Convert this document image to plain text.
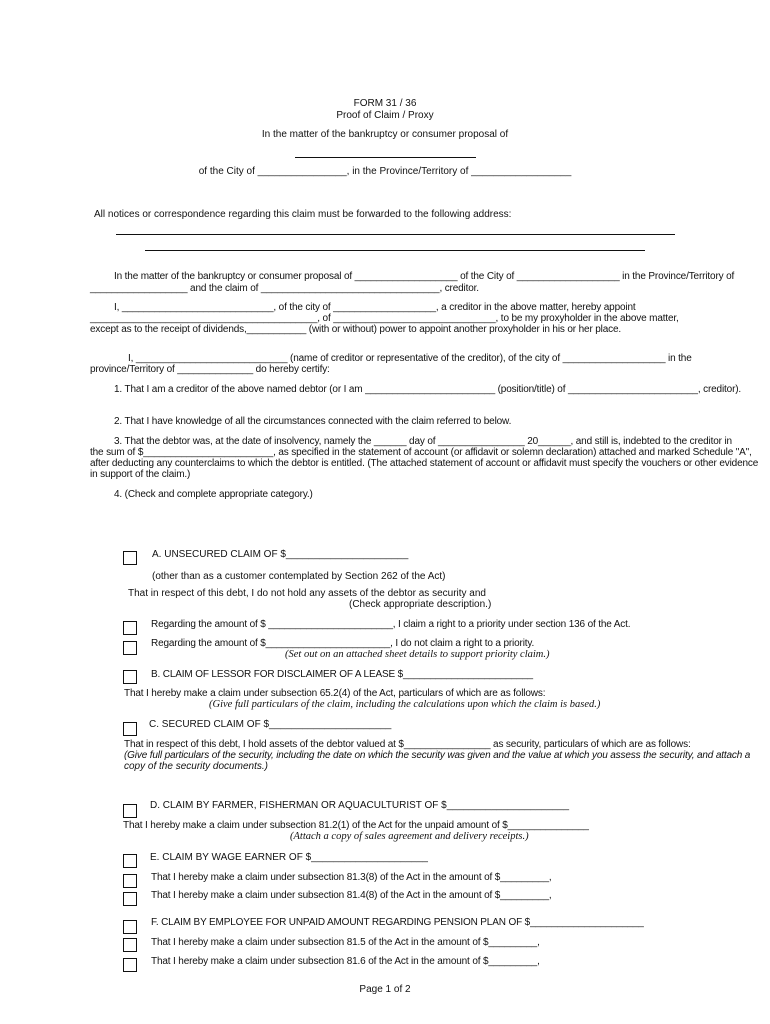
FORM 31 / 36
Proof of Claim / Proxy
In the matter of the bankruptcy or consumer proposal of
of the City of ________________, in the Province/Territory of __________________
All notices or correspondence regarding this claim must be forwarded to the following address:
In the matter of the bankruptcy or consumer proposal of ___________________ of the City of ___________________ in the Province/Territory of
__________________ and the claim of _________________________________, creditor.
I, ____________________________, of the city of ___________________, a creditor in the above matter, hereby appoint
__________________________________________, of ______________________________, to be my proxyholder in the above matter,
except as to the receipt of dividends,___________ (with or without) power to appoint another proxyholder in his or her place.
I, ____________________________ (name of creditor or representative of the creditor), of the city of ___________________ in the
province/Territory of ______________ do hereby certify:
1. That I am a creditor of the above named debtor (or I am ________________________ (position/title) of ________________________, creditor).
2. That I have knowledge of all the circumstances connected with the claim referred to below.
3. That the debtor was, at the date of insolvency, namely the ______ day of ________________ 20______, and still is, indebted to the creditor in
the sum of $________________________, as specified in the statement of account (or affidavit or solemn declaration) attached and marked Schedule "A",
after deducting any counterclaims to which the debtor is entitled. (The attached statement of account or affidavit must specify the vouchers or other evidence
in support of the claim.)
4. (Check and complete appropriate category.)
A. UNSECURED CLAIM OF $______________________
(other than as a customer contemplated by Section 262 of the Act)
That in respect of this debt, I do not hold any assets of the debtor as security and
(Check appropriate description.)
Regarding the amount of $ _______________________, I claim a right to a priority under section 136 of the Act.
Regarding the amount of $_______________________, I do not claim a right to a priority.
(Set out on an attached sheet details to support priority claim.)
B. CLAIM OF LESSOR FOR DISCLAIMER OF A LEASE $________________________
That I hereby make a claim under subsection 65.2(4) of the Act, particulars of which are as follows:
(Give full particulars of the claim, including the calculations upon which the claim is based.)
C. SECURED CLAIM OF $______________________
That in respect of this debt, I hold assets of the debtor valued at $________________ as security, particulars of which are as follows:
(Give full particulars of the security, including the date on which the security was given and the value at which you assess the security, and attach a
copy of the security documents.)
D. CLAIM BY FARMER, FISHERMAN OR AQUACULTURIST OF $______________________
That I hereby make a claim under subsection 81.2(1) of the Act for the unpaid amount of $_______________
(Attach a copy of sales agreement and delivery receipts.)
E. CLAIM BY WAGE EARNER OF $_____________________
That I hereby make a claim under subsection 81.3(8) of the Act in the amount of $_________,
That I hereby make a claim under subsection 81.4(8) of the Act in the amount of $_________,
F. CLAIM BY EMPLOYEE FOR UNPAID AMOUNT REGARDING PENSION PLAN OF $_____________________
That I hereby make a claim under subsection 81.5 of the Act in the amount of $_________,
That I hereby make a claim under subsection 81.6 of the Act in the amount of $_________,
Page 1 of 2
